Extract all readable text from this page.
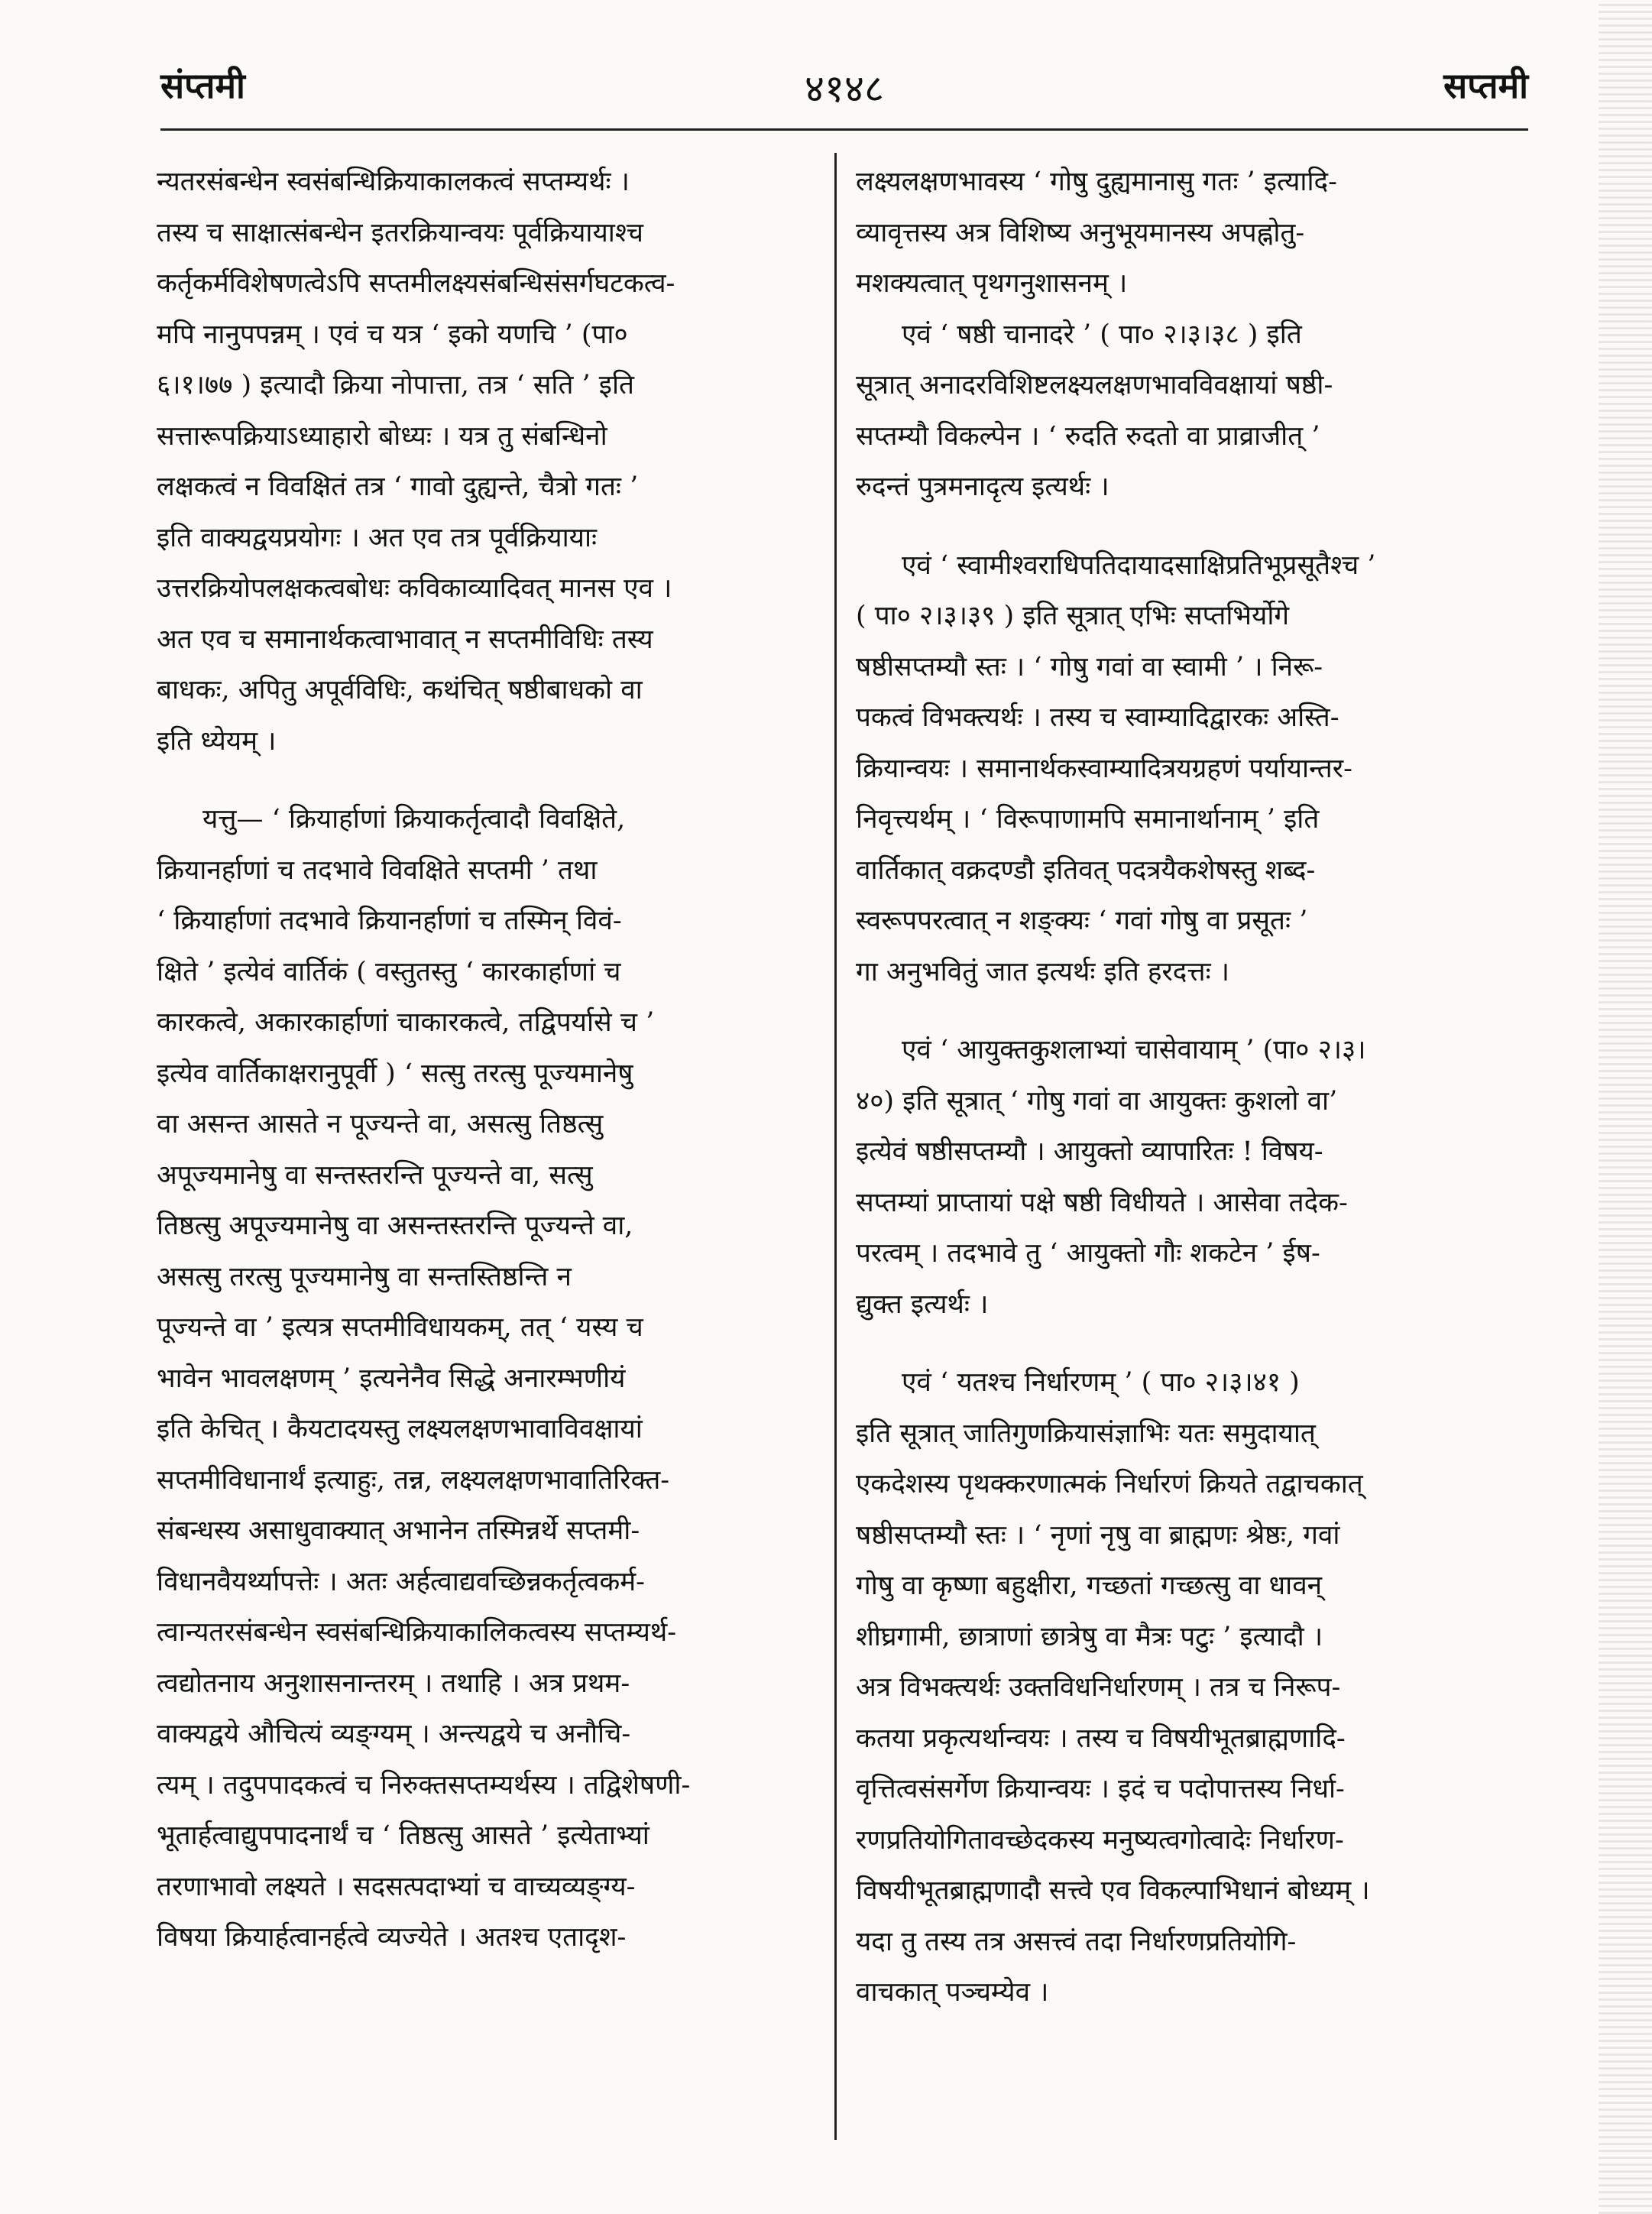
संप्तमी	४१४८	सप्तमी
न्यतरसंबन्धेन स्वसंबन्धिक्रियाकालकत्वं सप्तम्यर्थः ।
तस्य च साक्षात्संबन्धेन इतरक्रियान्वयः पूर्वक्रियायाश्च
कर्तृकर्मविशेषणत्वेऽपि सप्तमीलक्ष्यसंबन्धिसंसर्गघटकत्व-
मपि नानुपपन्नम् । एवं च यत्र ‘ इको यणचि ’ (पा०
६।१।७७ ) इत्यादौ क्रिया नोपात्ता, तत्र ‘ सति ’ इति
सत्तारूपक्रियाऽध्याहारो बोध्यः । यत्र तु संबन्धिनो
लक्षकत्वं न विवक्षितं तत्र ‘ गावो दुह्यन्ते, चैत्रो गतः ’
इति वाक्यद्वयप्रयोगः । अत एव तत्र पूर्वक्रियायाः
उत्तरक्रियोपलक्षकत्वबोधः कविकाव्यादिवत् मानस एव ।
अत एव च समानार्थकत्वाभावात् न सप्तमीविधिः तस्य
बाधकः, अपितु अपूर्वविधिः, कथंचित् षष्ठीबाधको वा
इति ध्येयम् ।
यत्तु— ‘ क्रियार्हाणां क्रियाकर्तृत्वादौ विवक्षिते,
क्रियानर्हाणां च तदभावे विवक्षिते सप्तमी ’ तथा
‘ क्रियार्हाणां तदभावे क्रियानर्हाणां च तस्मिन् विवं-
क्षिते ’ इत्येवं वार्तिकं ( वस्तुतस्तु ‘ कारकार्हाणां च
कारकत्वे, अकारकार्हाणां चाकारकत्वे, तद्विपर्यासे च ’
इत्येव वार्तिकाक्षरानुपूर्वी ) ‘ सत्सु तरत्सु पूज्यमानेषु
वा असन्त आसते न पूज्यन्ते वा, असत्सु तिष्ठत्सु
अपूज्यमानेषु वा सन्तस्तरन्ति पूज्यन्ते वा, सत्सु
तिष्ठत्सु अपूज्यमानेषु वा असन्तस्तरन्ति पूज्यन्ते वा,
असत्सु तरत्सु पूज्यमानेषु वा सन्तस्तिष्ठन्ति न
पूज्यन्ते वा ’ इत्यत्र सप्तमीविधायकम्, तत् ‘ यस्य च
भावेन भावलक्षणम् ’ इत्यनेनैव सिद्धे अनारम्भणीयं
इति केचित् । कैयटादयस्तु लक्ष्यलक्षणभावाविवक्षायां
सप्तमीविधानार्थं इत्याहुः, तन्न, लक्ष्यलक्षणभावातिरिक्त-
संबन्धस्य असाधुवाक्यात् अभानेन तस्मिन्नर्थे सप्तमी-
विधानवैयर्थ्यापत्तेः । अतः अर्हत्वाद्यवच्छिन्नकर्तृत्वकर्म-
त्वान्यतरसंबन्धेन स्वसंबन्धिक्रियाकालिकत्वस्य सप्तम्यर्थ-
त्वद्योतनाय अनुशासनान्तरम् । तथाहि । अत्र प्रथम-
वाक्यद्वये औचित्यं व्यङ्ग्यम् । अन्त्यद्वये च अनौचि-
त्यम् । तदुपपादकत्वं च निरुक्तसप्तम्यर्थस्य । तद्विशेषणी-
भूतार्हत्वाद्युपपादनार्थं च ‘ तिष्ठत्सु आसते ’ इत्येताभ्यां
तरणाभावो लक्ष्यते । सदसत्पदाभ्यां च वाच्यव्यङ्ग्य-
विषया क्रियार्हत्वानर्हत्वे व्यज्येते । अतश्च एतादृश-
लक्ष्यलक्षणभावस्य ‘ गोषु दुह्यमानासु गतः ’ इत्यादि-
व्यावृत्तस्य अत्र विशिष्य अनुभूयमानस्य अपह्नोतु-
मशक्यत्वात् पृथगनुशासनम् ।
एवं ‘ षष्ठी चानादरे ’ ( पा० २।३।३८ ) इति
सूत्रात् अनादरविशिष्टलक्ष्यलक्षणभावविवक्षायां षष्ठी-
सप्तम्यौ विकल्पेन । ‘ रुदति रुदतो वा प्राव्राजीत् ’
रुदन्तं पुत्रमनादृत्य इत्यर्थः ।
एवं ‘ स्वामीश्वराधिपतिदायादसाक्षिप्रतिभूप्रसूतैश्च ’
( पा० २।३।३९ ) इति सूत्रात् एभिः सप्तभिर्योगे
षष्ठीसप्तम्यौ स्तः । ‘ गोषु गवां वा स्वामी ’ । निरू-
पकत्वं विभक्त्यर्थः । तस्य च स्वाम्यादिद्वारकः अस्ति-
क्रियान्वयः । समानार्थकस्वाम्यादित्रयग्रहणं पर्यायान्तर-
निवृत्त्यर्थम् । ‘ विरूपाणामपि समानार्थानाम् ’ इति
वार्तिकात् वक्रदण्डौ इतिवत् पदत्रयैकशेषस्तु शब्द-
स्वरूपपरत्वात् न शङ्क्यः ‘ गवां गोषु वा प्रसूतः ’
गा अनुभवितुं जात इत्यर्थः इति हरदत्तः ।
एवं ‘ आयुक्तकुशलाभ्यां चासेवायाम् ’ (पा० २।३।
४०) इति सूत्रात् ‘ गोषु गवां वा आयुक्तः कुशलो वा’
इत्येवं षष्ठीसप्तम्यौ । आयुक्तो व्यापारितः ! विषय-
सप्तम्यां प्राप्तायां पक्षे षष्ठी विधीयते । आसेवा तदेक-
परत्वम् । तदभावे तु ‘ आयुक्तो गौः शकटेन ’ ईष-
द्युक्त इत्यर्थः ।
एवं ‘ यतश्च निर्धारणम् ’ ( पा० २।३।४१ )
इति सूत्रात् जातिगुणक्रियासंज्ञाभिः यतः समुदायात्
एकदेशस्य पृथक्करणात्मकं निर्धारणं क्रियते तद्वाचकात्
षष्ठीसप्तम्यौ स्तः । ‘ नृणां नृषु वा ब्राह्मणः श्रेष्ठः, गवां
गोषु वा कृष्णा बहुक्षीरा, गच्छतां गच्छत्सु वा धावन्
शीघ्रगामी, छात्राणां छात्रेषु वा मैत्रः पटुः ’ इत्यादौ ।
अत्र विभक्त्यर्थः उक्तविधनिर्धारणम् । तत्र च निरूप-
कतया प्रकृत्यर्थान्वयः । तस्य च विषयीभूतब्राह्मणादि-
वृत्तित्वसंसर्गेण क्रियान्वयः । इदं च पदोपात्तस्य निर्धा-
रणप्रतियोगितावच्छेदकस्य मनुष्यत्वगोत्वादेः निर्धारण-
विषयीभूतब्राह्मणादौ सत्त्वे एव विकल्पाभिधानं बोध्यम् ।
यदा तु तस्य तत्र असत्त्वं तदा निर्धारणप्रतियोगि-
वाचकात् पञ्चम्येव ।
